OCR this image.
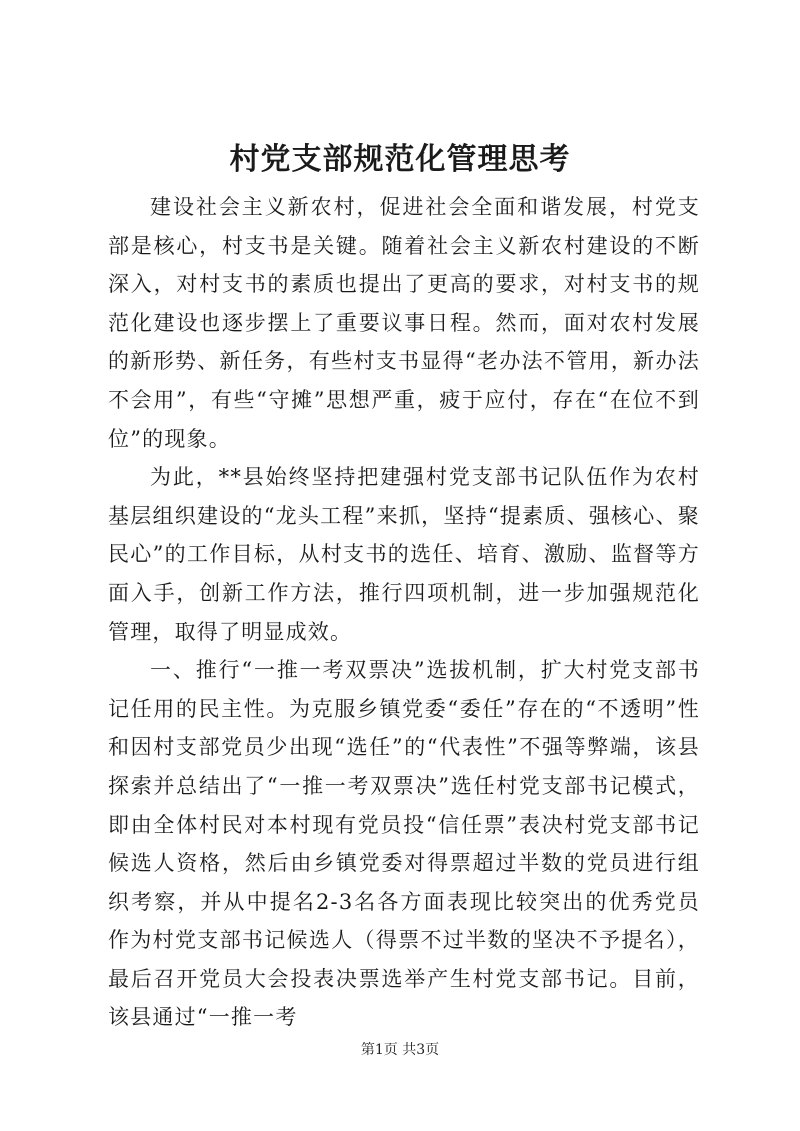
村党支部规范化管理思考

建设社会主义新农村，促进社会全面和谐发展，村党支部是核心，村支书是关键。随着社会主义新农村建设的不断深入，对村支书的素质也提出了更高的要求，对村支书的规范化建设也逐步摆上了重要议事日程。然而，面对农村发展的新形势、新任务，有些村支书显得“老办法不管用，新办法不会用”，有些“守摊”思想严重，疲于应付，存在“在位不到位”的现象。

为此，**县始终坚持把建强村党支部书记队伍作为农村基层组织建设的“龙头工程”来抓，坚持“提素质、强核心、聚民心”的工作目标，从村支书的选任、培育、激励、监督等方面入手，创新工作方法，推行四项机制，进一步加强规范化管理，取得了明显成效。

一、推行“一推一考双票决”选拔机制，扩大村党支部书记任用的民主性。为克服乡镇党委“委任”存在的“不透明”性和因村支部党员少出现“选任”的“代表性”不强等弊端，该县探索并总结出了“一推一考双票决”选任村党支部书记模式，即由全体村民对本村现有党员投“信任票”表决村党支部书记候选人资格，然后由乡镇党委对得票超过半数的党员进行组织考察，并从中提名2-3名各方面表现比较突出的优秀党员作为村党支部书记候选人（得票不过半数的坚决不予提名），最后召开党员大会投表决票选举产生村党支部书记。目前，该县通过“一推一考

第1页 共3页
